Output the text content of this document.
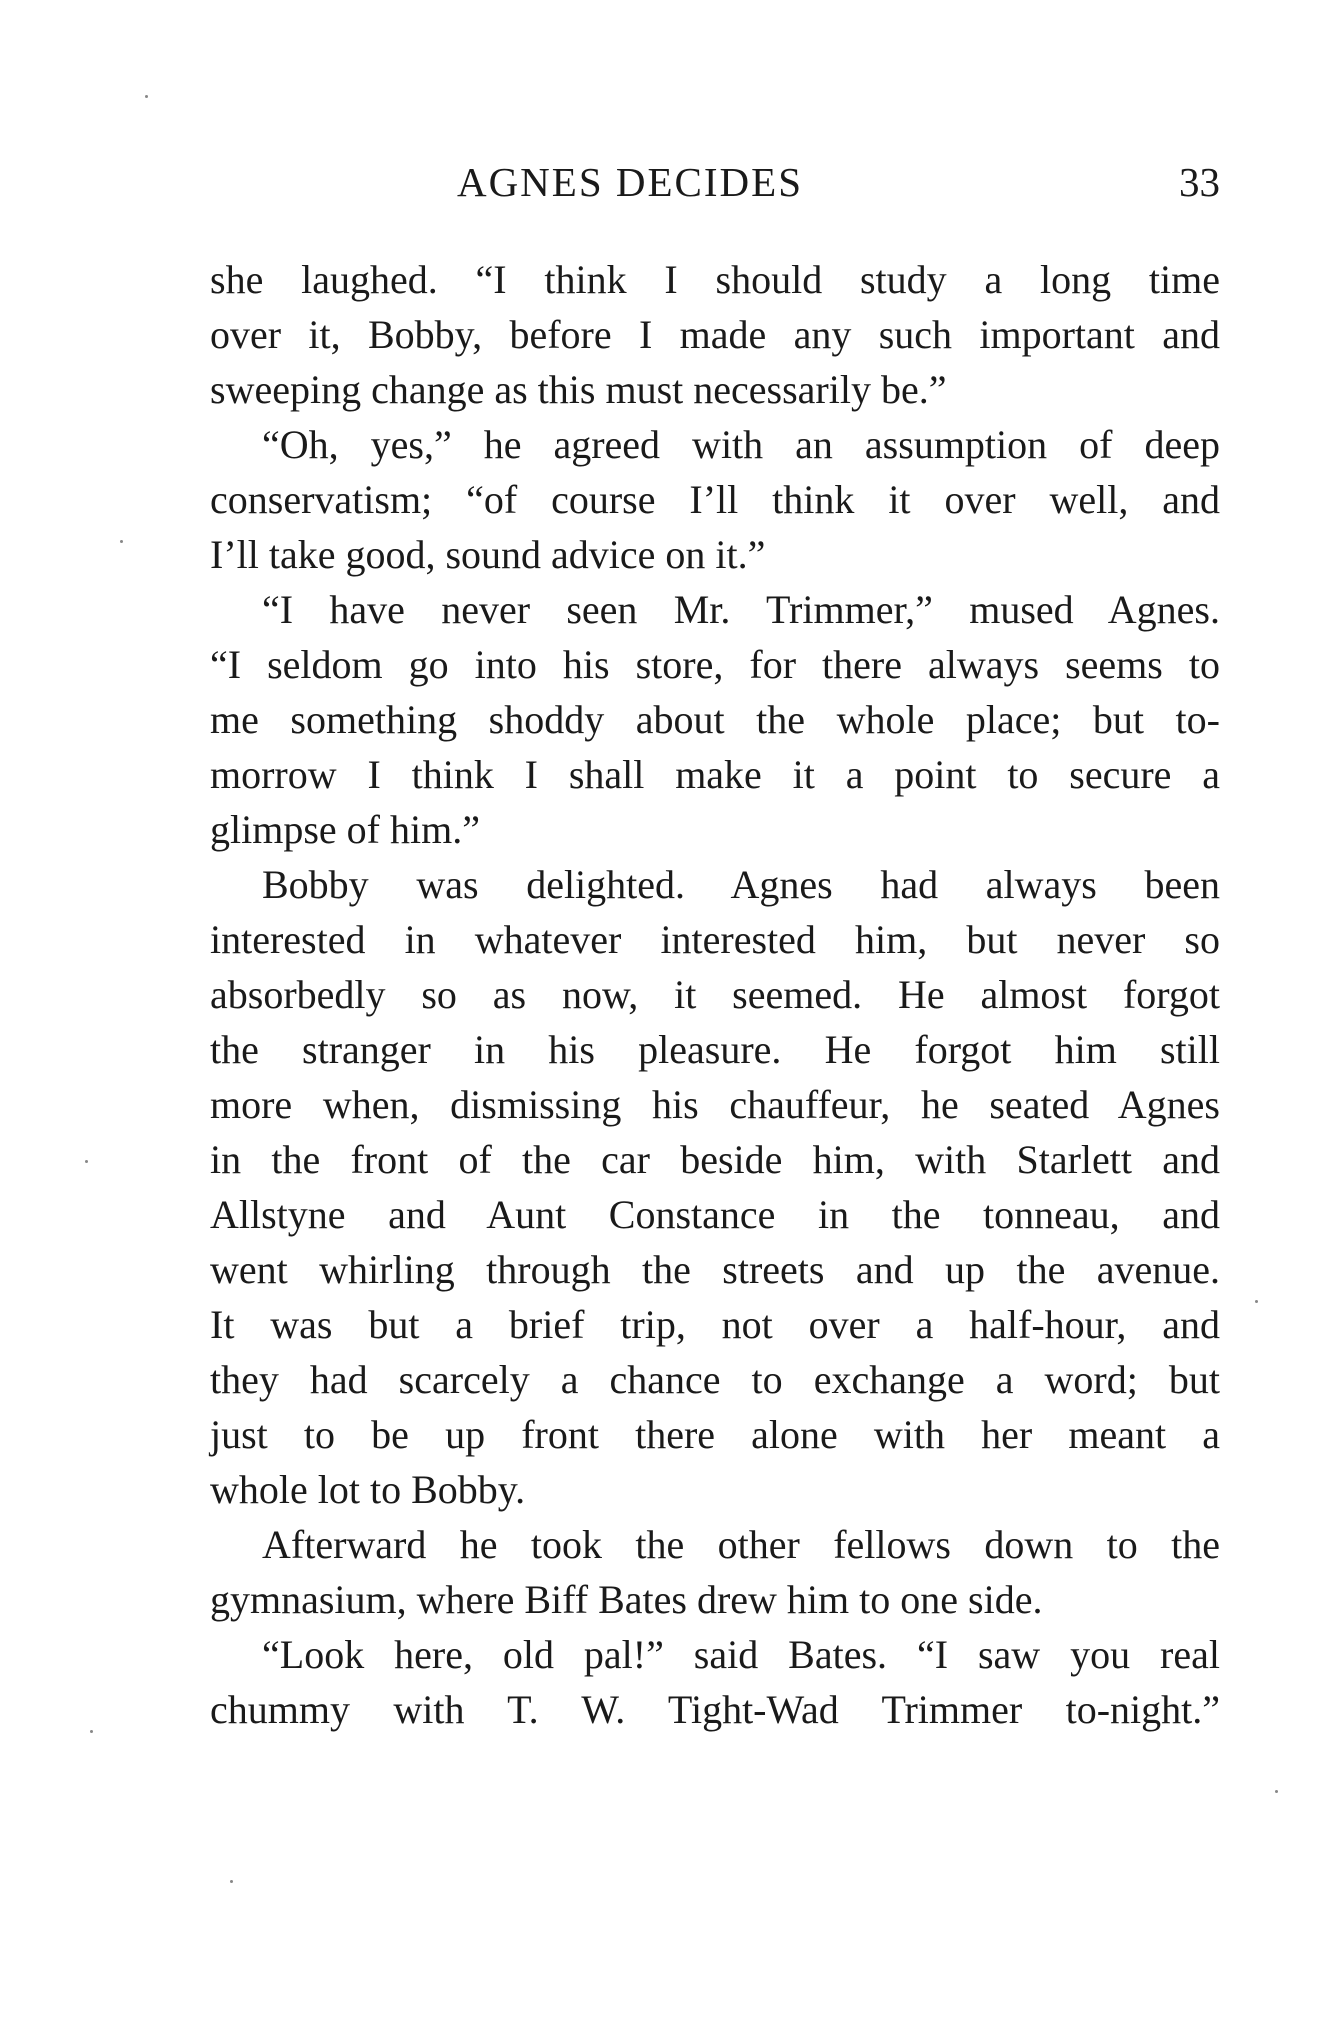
AGNES DECIDES	33
she laughed. “I think I should study a long time
over it, Bobby, before I made any such important and
sweeping change as this must necessarily be.”
“Oh, yes,” he agreed with an assumption of deep
conservatism; “of course I’ll think it over well, and
I’ll take good, sound advice on it.”
“I have never seen Mr. Trimmer,” mused Agnes.
“I seldom go into his store, for there always seems to
me something shoddy about the whole place; but to-
morrow I think I shall make it a point to secure a
glimpse of him.”
Bobby was delighted. Agnes had always been
interested in whatever interested him, but never so
absorbedly so as now, it seemed. He almost forgot
the stranger in his pleasure. He forgot him still
more when, dismissing his chauffeur, he seated Agnes
in the front of the car beside him, with Starlett and
Allstyne and Aunt Constance in the tonneau, and
went whirling through the streets and up the avenue.
It was but a brief trip, not over a half-hour, and
they had scarcely a chance to exchange a word; but
just to be up front there alone with her meant a
whole lot to Bobby.
Afterward he took the other fellows down to the
gymnasium, where Biff Bates drew him to one side.
“Look here, old pal!” said Bates. “I saw you real
chummy with T. W. Tight-Wad Trimmer to-night.”
